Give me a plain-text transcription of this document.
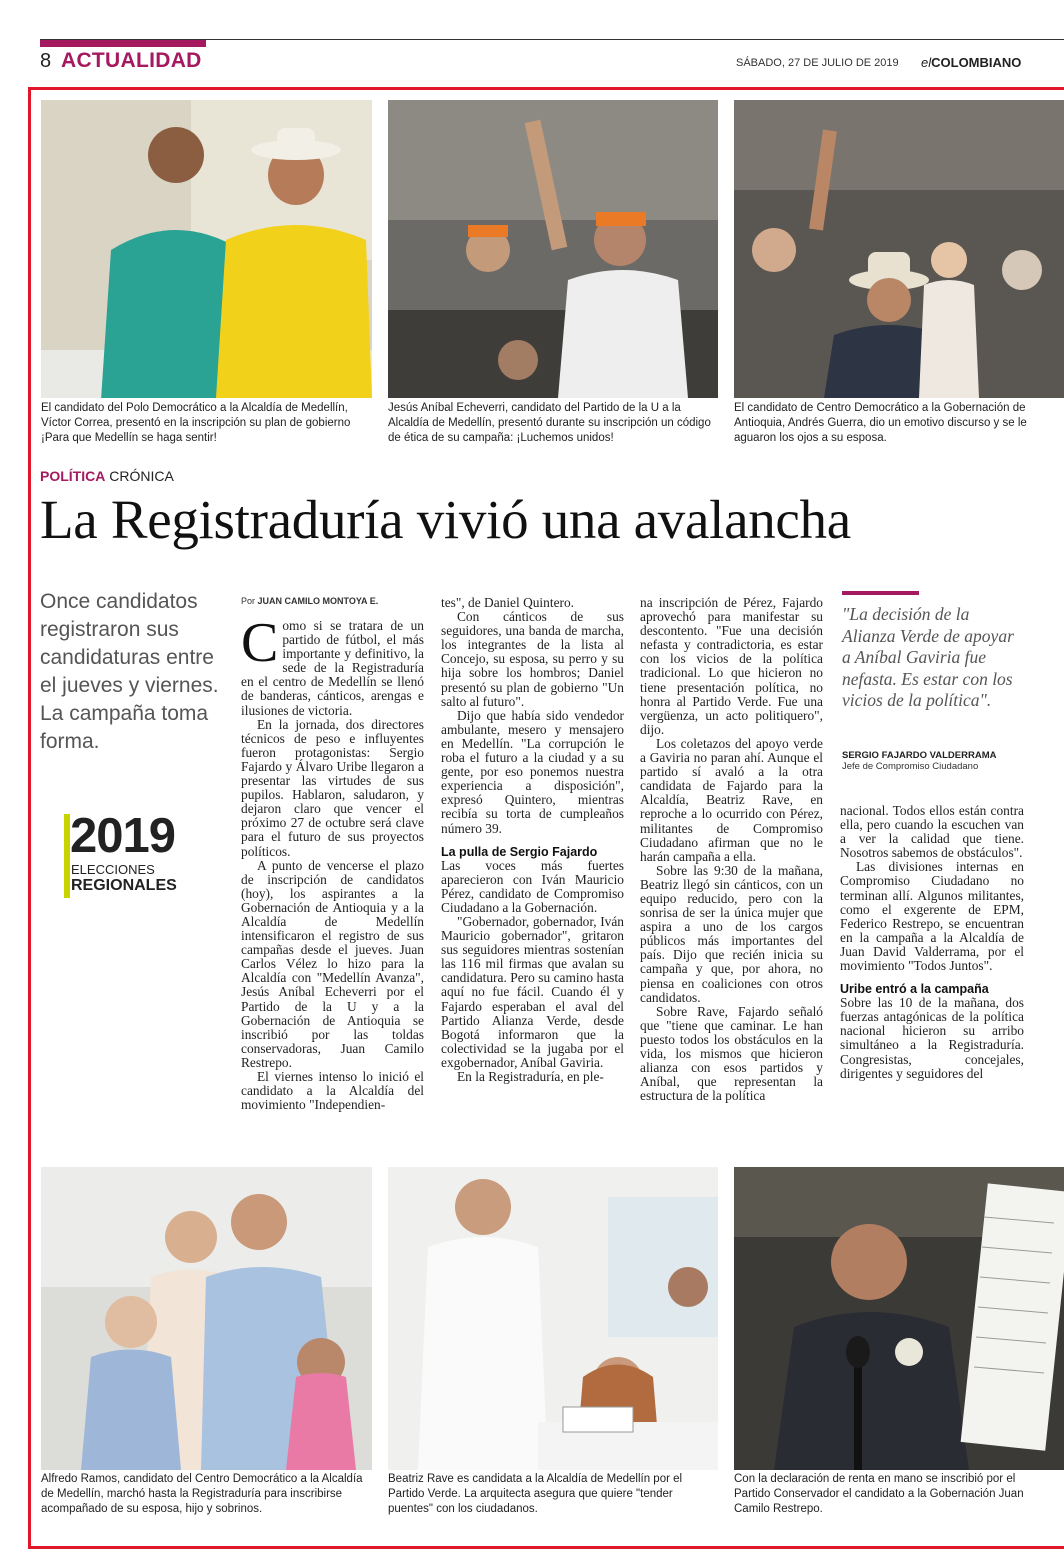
8 ACTUALIDAD	SÁBADO, 27 DE JULIO DE 2019 elCOLOMBIANO
El candidato del Polo Democrático a la Alcaldía de Medellín, Víctor Correa, presentó en la inscripción su plan de gobierno ¡Para que Medellín se haga sentir!
Jesús Aníbal Echeverri, candidato del Partido de la U a la Alcaldía de Medellín, presentó durante su inscripción un código de ética de su campaña: ¡Luchemos unidos!
El candidato de Centro Democrático a la Gobernación de Antioquia, Andrés Guerra, dio un emotivo discurso y se le aguaron los ojos a su esposa.
POLÍTICA CRÓNICA
La Registraduría vivió una avalancha
Once candidatos registraron sus candidaturas entre el jueves y viernes. La campaña toma forma.
2019
ELECCIONES
REGIONALES
Por JUAN CAMILO MONTOYA E.

Como si se tratara de un partido de fútbol, el más importante y definitivo, la sede de la Registraduría en el centro de Medellín se llenó de banderas, cánticos, arengas e ilusiones de victoria.

En la jornada, dos directores técnicos de peso e influyentes fueron protagonistas: Sergio Fajardo y Álvaro Uribe llegaron a presentar las virtudes de sus pupilos. Hablaron, saludaron, y dejaron claro que vencer el próximo 27 de octubre será clave para el futuro de sus proyectos políticos.

A punto de vencerse el plazo de inscripción de candidatos (hoy), los aspirantes a la Gobernación de Antioquia y a la Alcaldía de Medellín intensificaron el registro de sus campañas desde el jueves. Juan Carlos Vélez lo hizo para la Alcaldía con "Medellín Avanza", Jesús Aníbal Echeverri por el Partido de la U y a la Gobernación de Antioquia se inscribió por las toldas conservadoras, Juan Camilo Restrepo.

El viernes intenso lo inició el candidato a la Alcaldía del movimiento "Independien-

tes", de Daniel Quintero.

Con cánticos de sus seguidores, una banda de marcha, los integrantes de la lista al Concejo, su esposa, su perro y su hija sobre los hombros; Daniel presentó su plan de gobierno "Un salto al futuro".

Dijo que había sido vendedor ambulante, mesero y mensajero en Medellín. "La corrupción le roba el futuro a la ciudad y a su gente, por eso ponemos nuestra experiencia a disposición", expresó Quintero, mientras recibía su torta de cumpleaños número 39.

La pulla de Sergio Fajardo

Las voces más fuertes aparecieron con Iván Mauricio Pérez, candidato de Compromiso Ciudadano a la Gobernación.

"Gobernador, gobernador, Iván Mauricio gobernador", gritaron sus seguidores mientras sostenían las 116 mil firmas que avalan su candidatura. Pero su camino hasta aquí no fue fácil. Cuando él y Fajardo esperaban el aval del Partido Alianza Verde, desde Bogotá informaron que la colectividad se la jugaba por el exgobernador, Aníbal Gaviria.

En la Registraduría, en ple-

na inscripción de Pérez, Fajardo aprovechó para manifestar su descontento. "Fue una decisión nefasta y contradictoria, es estar con los vicios de la política tradicional. Lo que hicieron no tiene presentación política, no honra al Partido Verde. Fue una vergüenza, un acto politiquero", dijo.

Los coletazos del apoyo verde a Gaviria no paran ahí. Aunque el partido sí avaló a la otra candidata de Fajardo para la Alcaldía, Beatriz Rave, en reproche a lo ocurrido con Pérez, militantes de Compromiso Ciudadano afirman que no le harán campaña a ella.

Sobre las 9:30 de la mañana, Beatriz llegó sin cánticos, con un equipo reducido, pero con la sonrisa de ser la única mujer que aspira a uno de los cargos públicos más importantes del país. Dijo que recién inicia su campaña y que, por ahora, no piensa en coaliciones con otros candidatos.

Sobre Rave, Fajardo señaló que "tiene que caminar. Le han puesto todos los obstáculos en la vida, los mismos que hicieron alianza con esos partidos y Aníbal, que representan la estructura de la política

"La decisión de la Alianza Verde de apoyar a Aníbal Gaviria fue nefasta. Es estar con los vicios de la política".
SERGIO FAJARDO VALDERRAMA
Jefe de Compromiso Ciudadano

nacional. Todos ellos están contra ella, pero cuando la escuchen van a ver la calidad que tiene. Nosotros sabemos de obstáculos".

Las divisiones internas en Compromiso Ciudadano no terminan allí. Algunos militantes, como el exgerente de EPM, Federico Restrepo, se encuentran en la campaña a la Alcaldía de Juan David Valderrama, por el movimiento "Todos Juntos".

Uribe entró a la campaña

Sobre las 10 de la mañana, dos fuerzas antagónicas de la política nacional hicieron su arribo simultáneo a la Registraduría. Congresistas, concejales, dirigentes y seguidores del

Alfredo Ramos, candidato del Centro Democrático a la Alcaldía de Medellín, marchó hasta la Registraduría para inscribirse acompañado de su esposa, hijo y sobrinos.
Beatriz Rave es candidata a la Alcaldía de Medellín por el Partido Verde. La arquitecta asegura que quiere "tender puentes" con los ciudadanos.
Con la declaración de renta en mano se inscribió por el Partido Conservador el candidato a la Gobernación Juan Camilo Restrepo.
